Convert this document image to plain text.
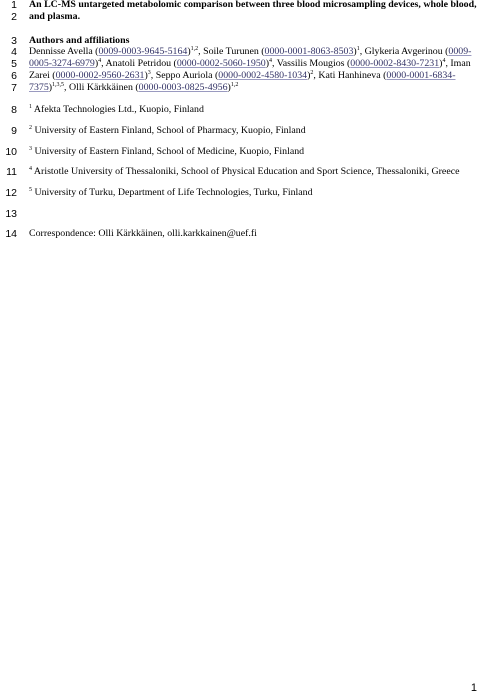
1
2
3
4
5
6
7
8
9
10
11
12
13
14
An LC-MS untargeted metabolomic comparison between three blood microsampling devices, whole blood,
and plasma.
Authors and affiliations
Dennisse Avella $(0009-0003-9645-5164)^{1,2}$, Soile Turunen $(0000-0001-8063-8503)^1$, Glykeria Avgerinou (0009-
0005-3274-6979)$^4$, Anatoli Petridou $(0000-0002-5060-1950)^4$, Vassilis Mougios $(0000-0002-8430-7231)^4$, Iman
Zarei $(0000-0002-9560-2631)^3$, Seppo Auriola $(0000-0002-4580-1034)^2$, Kati Hanhineva (0000-0001-6834-
7375)$^{1,3,5}$, Olli Kärkkäinen $(0000-0003-0825-4956)^{1,2}$
$^1$ Afekta Technologies Ltd., Kuopio, Finland
$^2$ University of Eastern Finland, School of Pharmacy, Kuopio, Finland
$^3$ University of Eastern Finland, School of Medicine, Kuopio, Finland
$^4$ Aristotle University of Thessaloniki, School of Physical Education and Sport Science, Thessaloniki, Greece
$^5$ University of Turku, Department of Life Technologies, Turku, Finland
Correspondence: Olli Kärkkäinen, olli.karkkainen@uef.fi
1
